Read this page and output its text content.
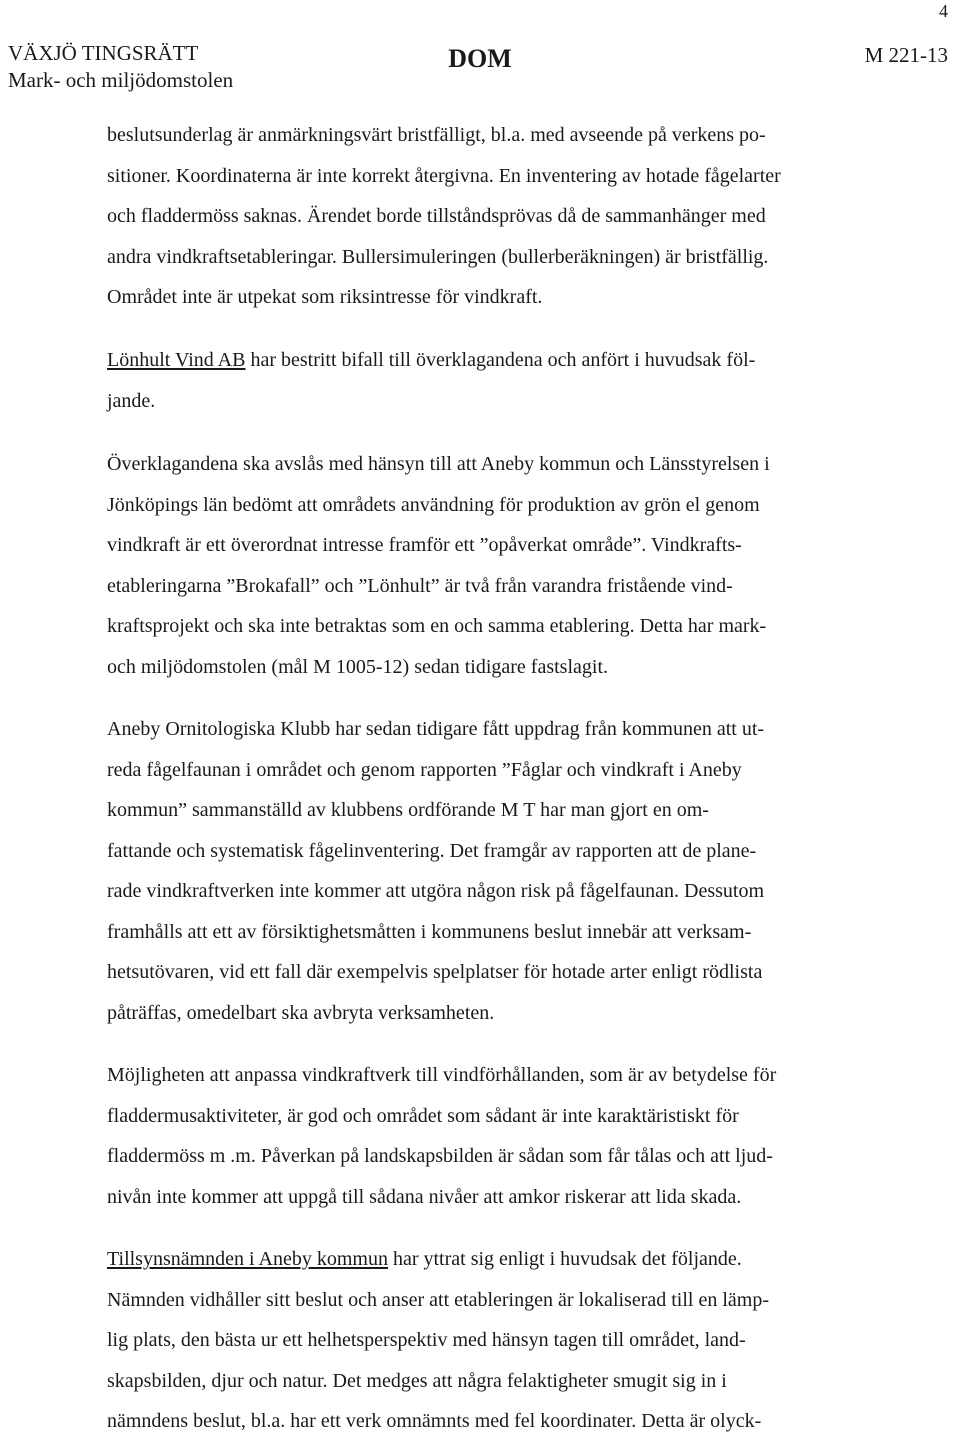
4
VÄXJÖ TINGSRÄTT
Mark- och miljödomstolen
DOM	M 221-13

beslutsunderlag är anmärkningsvärt bristfälligt, bl.a. med avseende på verkens po-
sitioner. Koordinaterna är inte korrekt återgivna. En inventering av hotade fågelarter
och fladdermöss saknas. Ärendet borde tillståndsprövas då de sammanhänger med
andra vindkraftsetableringar. Bullersimuleringen (bullerberäkningen) är bristfällig.
Området inte är utpekat som riksintresse för vindkraft.

Lönhult Vind AB har bestritt bifall till överklagandena och anfört i huvudsak föl-
jande.

Överklagandena ska avslås med hänsyn till att Aneby kommun och Länsstyrelsen i
Jönköpings län bedömt att områdets användning för produktion av grön el genom
vindkraft är ett överordnat intresse framför ett ”opåverkat område”. Vindkrafts-
etableringarna ”Brokafall” och ”Lönhult” är två från varandra fristående vind-
kraftsprojekt och ska inte betraktas som en och samma etablering. Detta har mark-
och miljödomstolen (mål M 1005-12) sedan tidigare fastslagit.

Aneby Ornitologiska Klubb har sedan tidigare fått uppdrag från kommunen att ut-
reda fågelfaunan i området och genom rapporten ”Fåglar och vindkraft i Aneby
kommun” sammanställd av klubbens ordförande M T har man gjort en om-
fattande och systematisk fågelinventering. Det framgår av rapporten att de plane-
rade vindkraftverken inte kommer att utgöra någon risk på fågelfaunan. Dessutom
framhålls att ett av försiktighetsmåtten i kommunens beslut innebär att verksam-
hetsutövaren, vid ett fall där exempelvis spelplatser för hotade arter enligt rödlista
påträffas, omedelbart ska avbryta verksamheten.

Möjligheten att anpassa vindkraftverk till vindförhållanden, som är av betydelse för
fladdermusaktiviteter, är god och området som sådant är inte karaktäristiskt för
fladdermöss m .m. Påverkan på landskapsbilden är sådan som får tålas och att ljud-
nivån inte kommer att uppgå till sådana nivåer att amkor riskerar att lida skada.

Tillsynsnämnden i Aneby kommun har yttrat sig enligt i huvudsak det följande.
Nämnden vidhåller sitt beslut och anser att etableringen är lokaliserad till en lämp-
lig plats, den bästa ur ett helhetsperspektiv med hänsyn tagen till området, land-
skapsbilden, djur och natur. Det medges att några felaktigheter smugit sig in i
nämndens beslut, bl.a. har ett verk omnämnts med fel koordinater. Detta är olyck-
